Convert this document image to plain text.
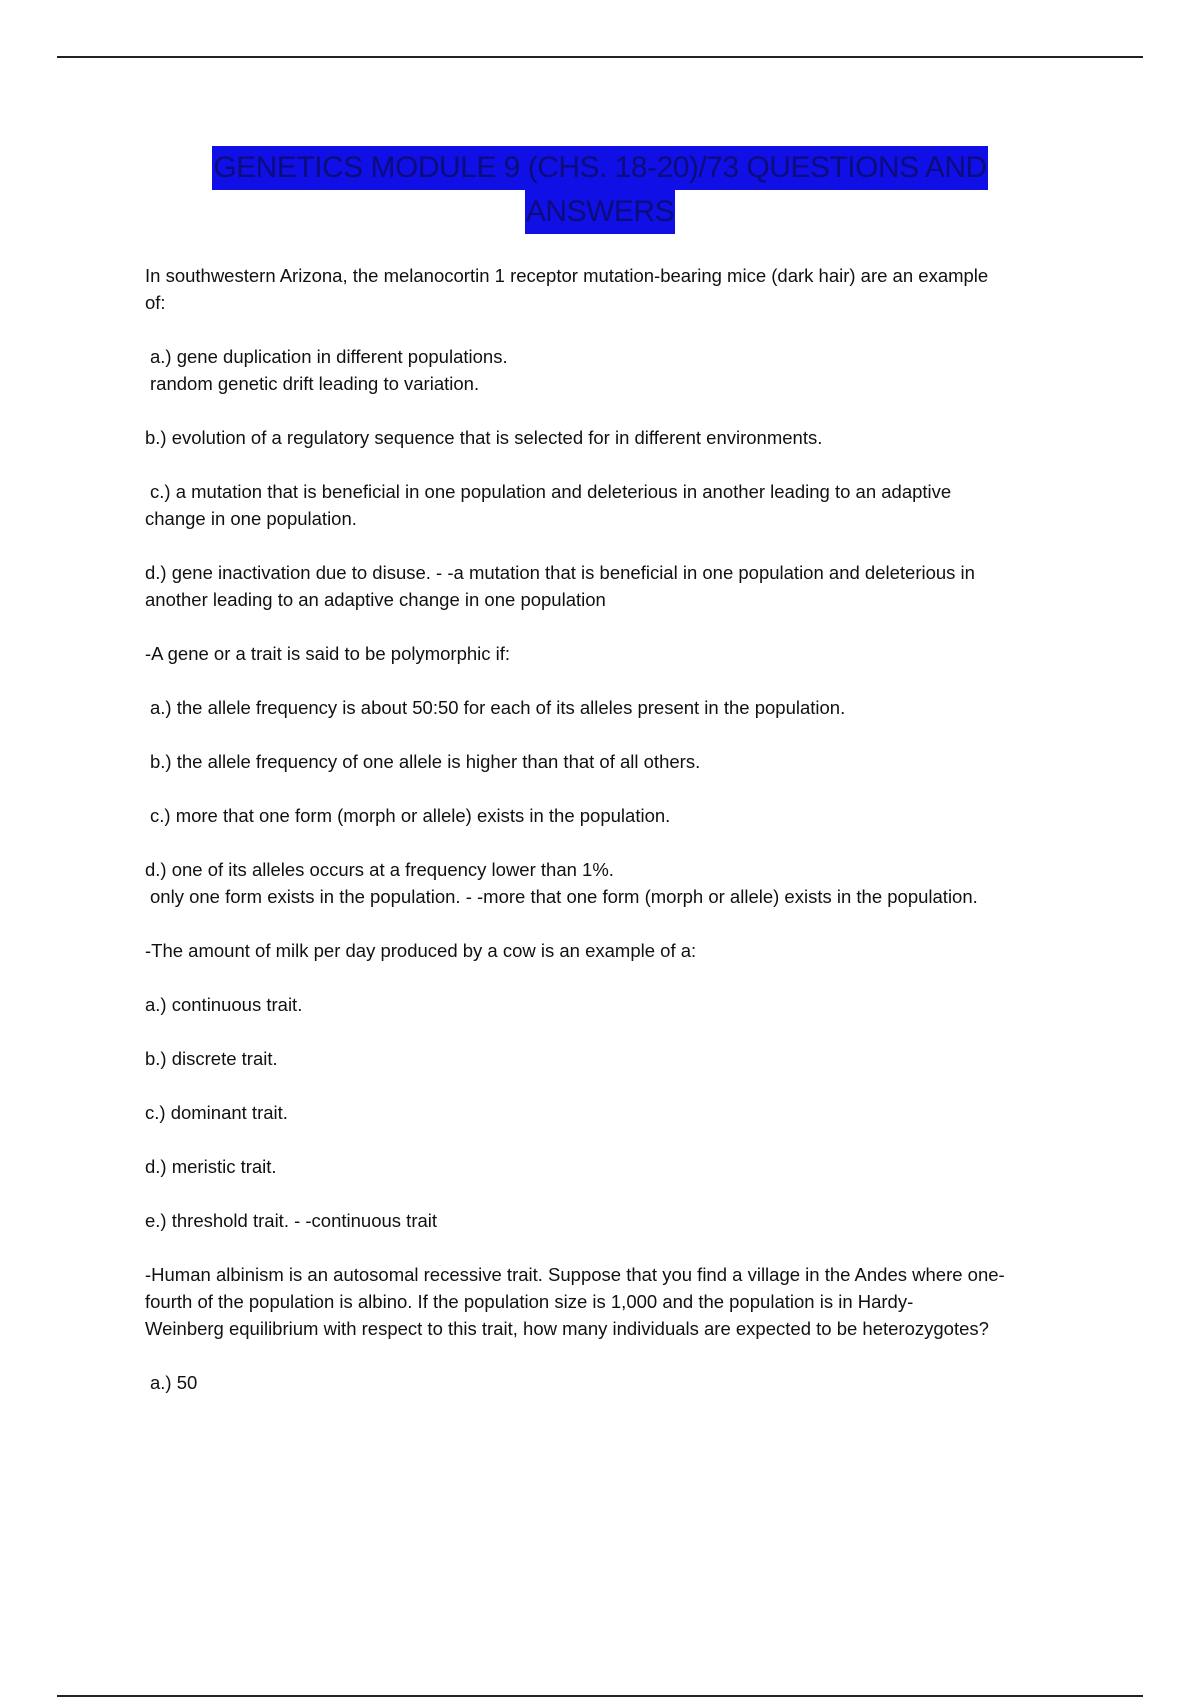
GENETICS MODULE 9 (CHS. 18-20)/73 QUESTIONS AND
ANSWERS
In southwestern Arizona, the melanocortin 1 receptor mutation-bearing mice (dark hair) are an example
of:
a.) gene duplication in different populations.
random genetic drift leading to variation.
b.) evolution of a regulatory sequence that is selected for in different environments.
c.) a mutation that is beneficial in one population and deleterious in another leading to an adaptive
change in one population.
d.) gene inactivation due to disuse. - -a mutation that is beneficial in one population and deleterious in
another leading to an adaptive change in one population
-A gene or a trait is said to be polymorphic if:
a.) the allele frequency is about 50:50 for each of its alleles present in the population.
b.) the allele frequency of one allele is higher than that of all others.
c.) more that one form (morph or allele) exists in the population.
d.) one of its alleles occurs at a frequency lower than 1%.
only one form exists in the population. - -more that one form (morph or allele) exists in the population.
-The amount of milk per day produced by a cow is an example of a:
a.) continuous trait.
b.) discrete trait.
c.) dominant trait.
d.) meristic trait.
e.) threshold trait. - -continuous trait
-Human albinism is an autosomal recessive trait. Suppose that you find a village in the Andes where one-
fourth of the population is albino. If the population size is 1,000 and the population is in Hardy-
Weinberg equilibrium with respect to this trait, how many individuals are expected to be heterozygotes?
a.) 50
